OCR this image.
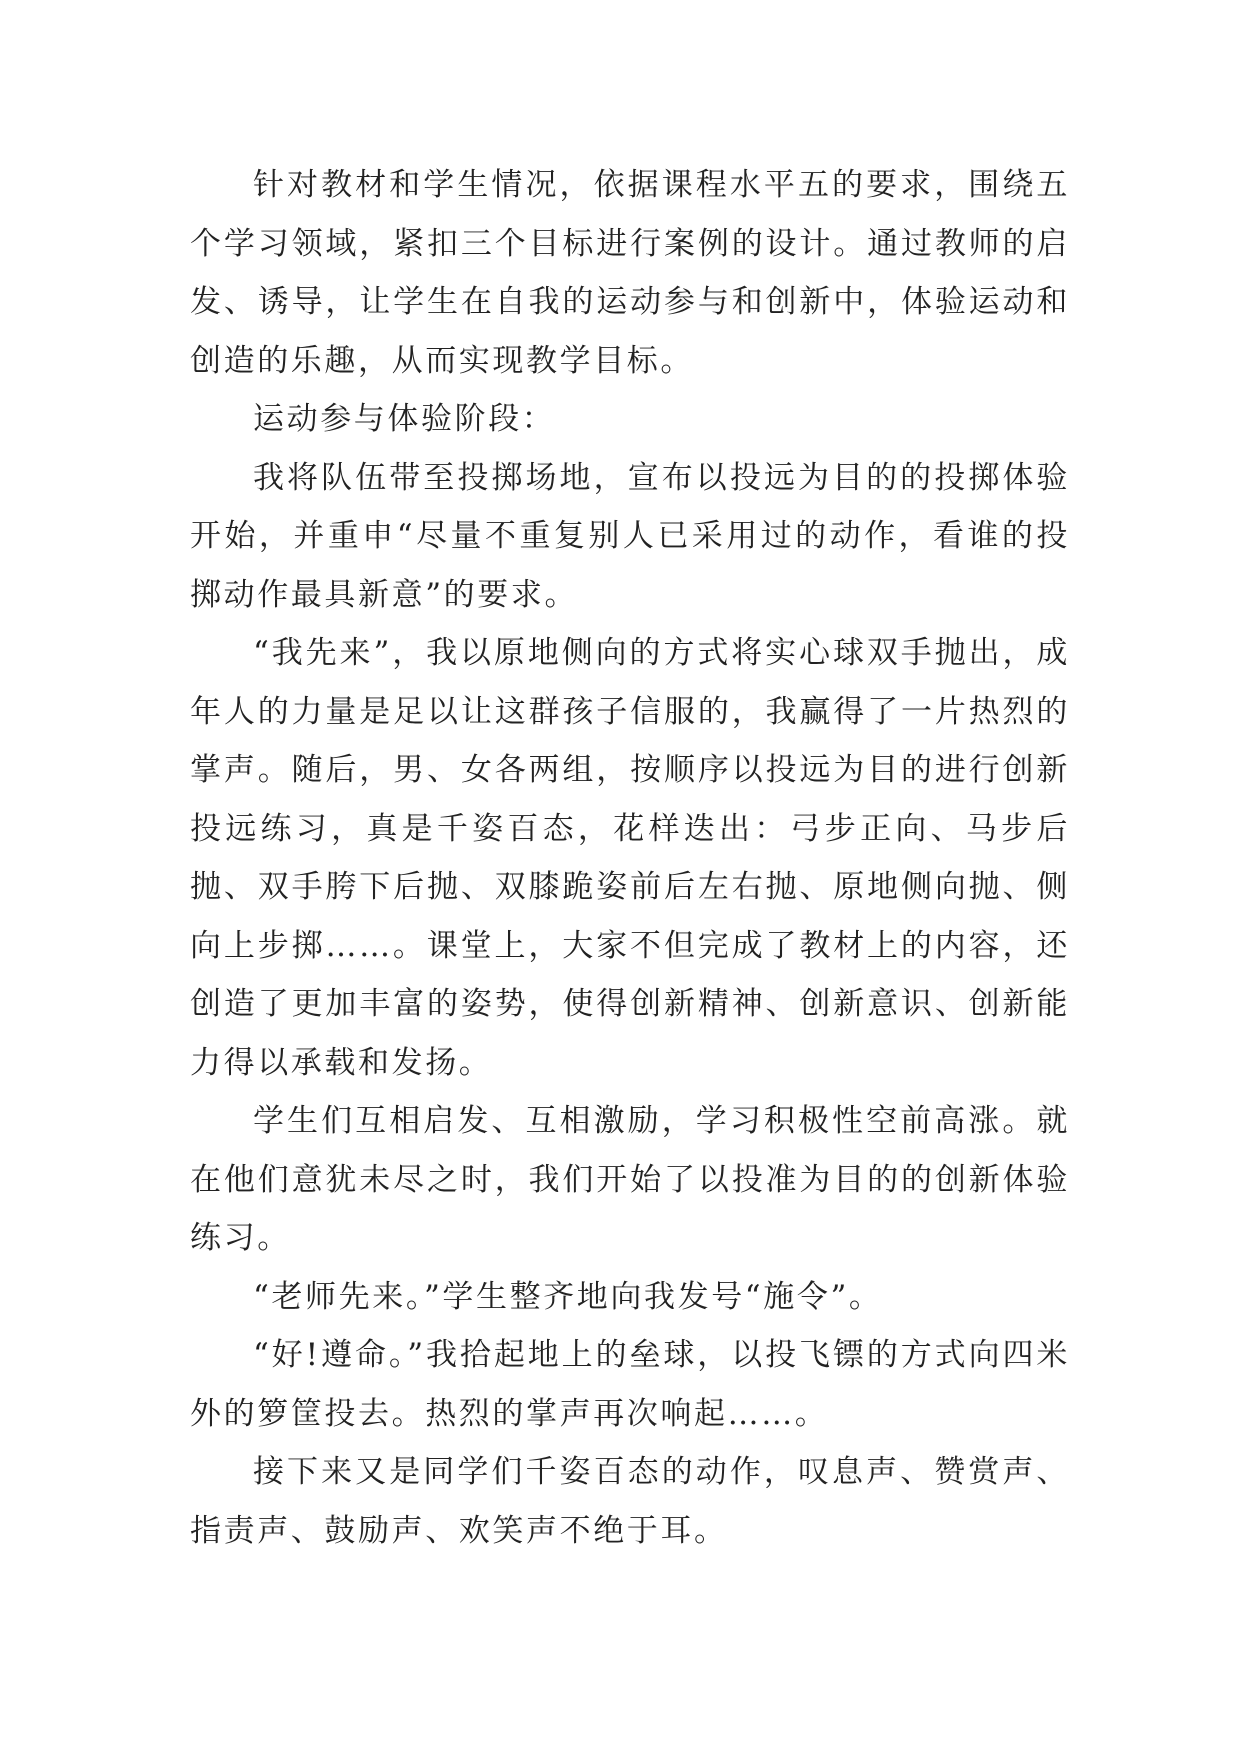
针对教材和学生情况，依据课程水平五的要求，围绕五个学习领域，紧扣三个目标进行案例的设计。通过教师的启发、诱导，让学生在自我的运动参与和创新中，体验运动和创造的乐趣，从而实现教学目标。

运动参与体验阶段：

我将队伍带至投掷场地，宣布以投远为目的的投掷体验开始，并重申“尽量不重复别人已采用过的动作，看谁的投掷动作最具新意”的要求。

“我先来”，我以原地侧向的方式将实心球双手抛出，成年人的力量是足以让这群孩子信服的，我赢得了一片热烈的掌声。随后，男、女各两组，按顺序以投远为目的进行创新投远练习，真是千姿百态，花样迭出：弓步正向、马步后抛、双手胯下后抛、双膝跪姿前后左右抛、原地侧向抛、侧向上步掷……。课堂上，大家不但完成了教材上的内容，还创造了更加丰富的姿势，使得创新精神、创新意识、创新能力得以承载和发扬。

学生们互相启发、互相激励，学习积极性空前高涨。就在他们意犹未尽之时，我们开始了以投准为目的的创新体验练习。

“老师先来。”学生整齐地向我发号“施令”。

“好!遵命。”我拾起地上的垒球，以投飞镖的方式向四米外的箩筐投去。热烈的掌声再次响起……。

接下来又是同学们千姿百态的动作，叹息声、赞赏声、指责声、鼓励声、欢笑声不绝于耳。
